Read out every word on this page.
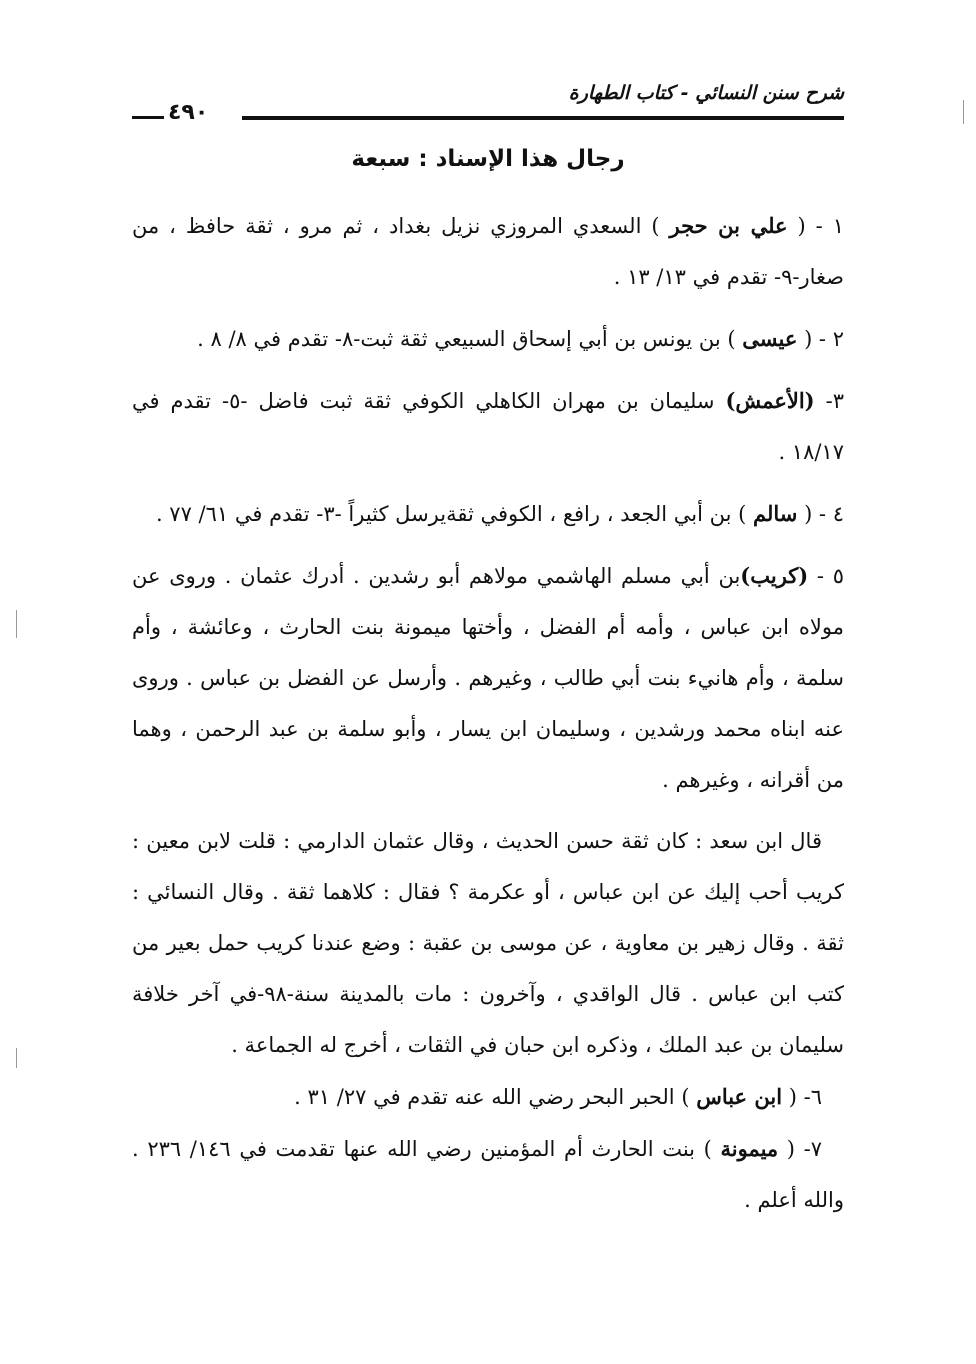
شرح سنن النسائي - كتاب الطهارة
٤٩٠
رجال هذا الإسناد : سبعة

١ - ( علي بن حجر ) السعدي المروزي نزيل بغداد ، ثم مرو ، ثقة حافظ ، من صغار-٩- تقدم في ١٣/ ١٣ .

٢ - ( عيسى ) بن يونس بن أبي إسحاق السبيعي ثقة ثبت-٨- تقدم في ٨/ ٨ .

٣- (الأعمش) سليمان بن مهران الكاهلي الكوفي ثقة ثبت فاضل -٥- تقدم في ١٨/١٧ .

٤ - ( سالم ) بن أبي الجعد ، رافع ، الكوفي ثقةيرسل كثيراً -٣- تقدم في ٦١/ ٧٧ .

٥ - (كريب)بن أبي مسلم الهاشمي مولاهم أبو رشدين . أدرك عثمان . وروى عن مولاه ابن عباس ، وأمه أم الفضل ، وأختها ميمونة بنت الحارث ، وعائشة ، وأم سلمة ، وأم هانيء بنت أبي طالب ، وغيرهم . وأرسل عن الفضل بن عباس . وروى عنه ابناه محمد ورشدين ، وسليمان ابن يسار ، وأبو سلمة بن عبد الرحمن ، وهما من أقرانه ، وغيرهم .

قال ابن سعد : كان ثقة حسن الحديث ، وقال عثمان الدارمي : قلت لابن معين : كريب أحب إليك عن ابن عباس ، أو عكرمة ؟ فقال : كلاهما ثقة . وقال النسائي : ثقة . وقال زهير بن معاوية ، عن موسى بن عقبة : وضع عندنا كريب حمل بعير من كتب ابن عباس . قال الواقدي ، وآخرون : مات بالمدينة سنة-٩٨-في آخر خلافة سليمان بن عبد الملك ، وذكره ابن حبان في الثقات ، أخرج له الجماعة .

٦- ( ابن عباس ) الحبر البحر رضي الله عنه تقدم في ٢٧/ ٣١ .

٧- ( ميمونة ) بنت الحارث أم المؤمنين رضي الله عنها تقدمت في ١٤٦/ ٢٣٦ . والله أعلم .
